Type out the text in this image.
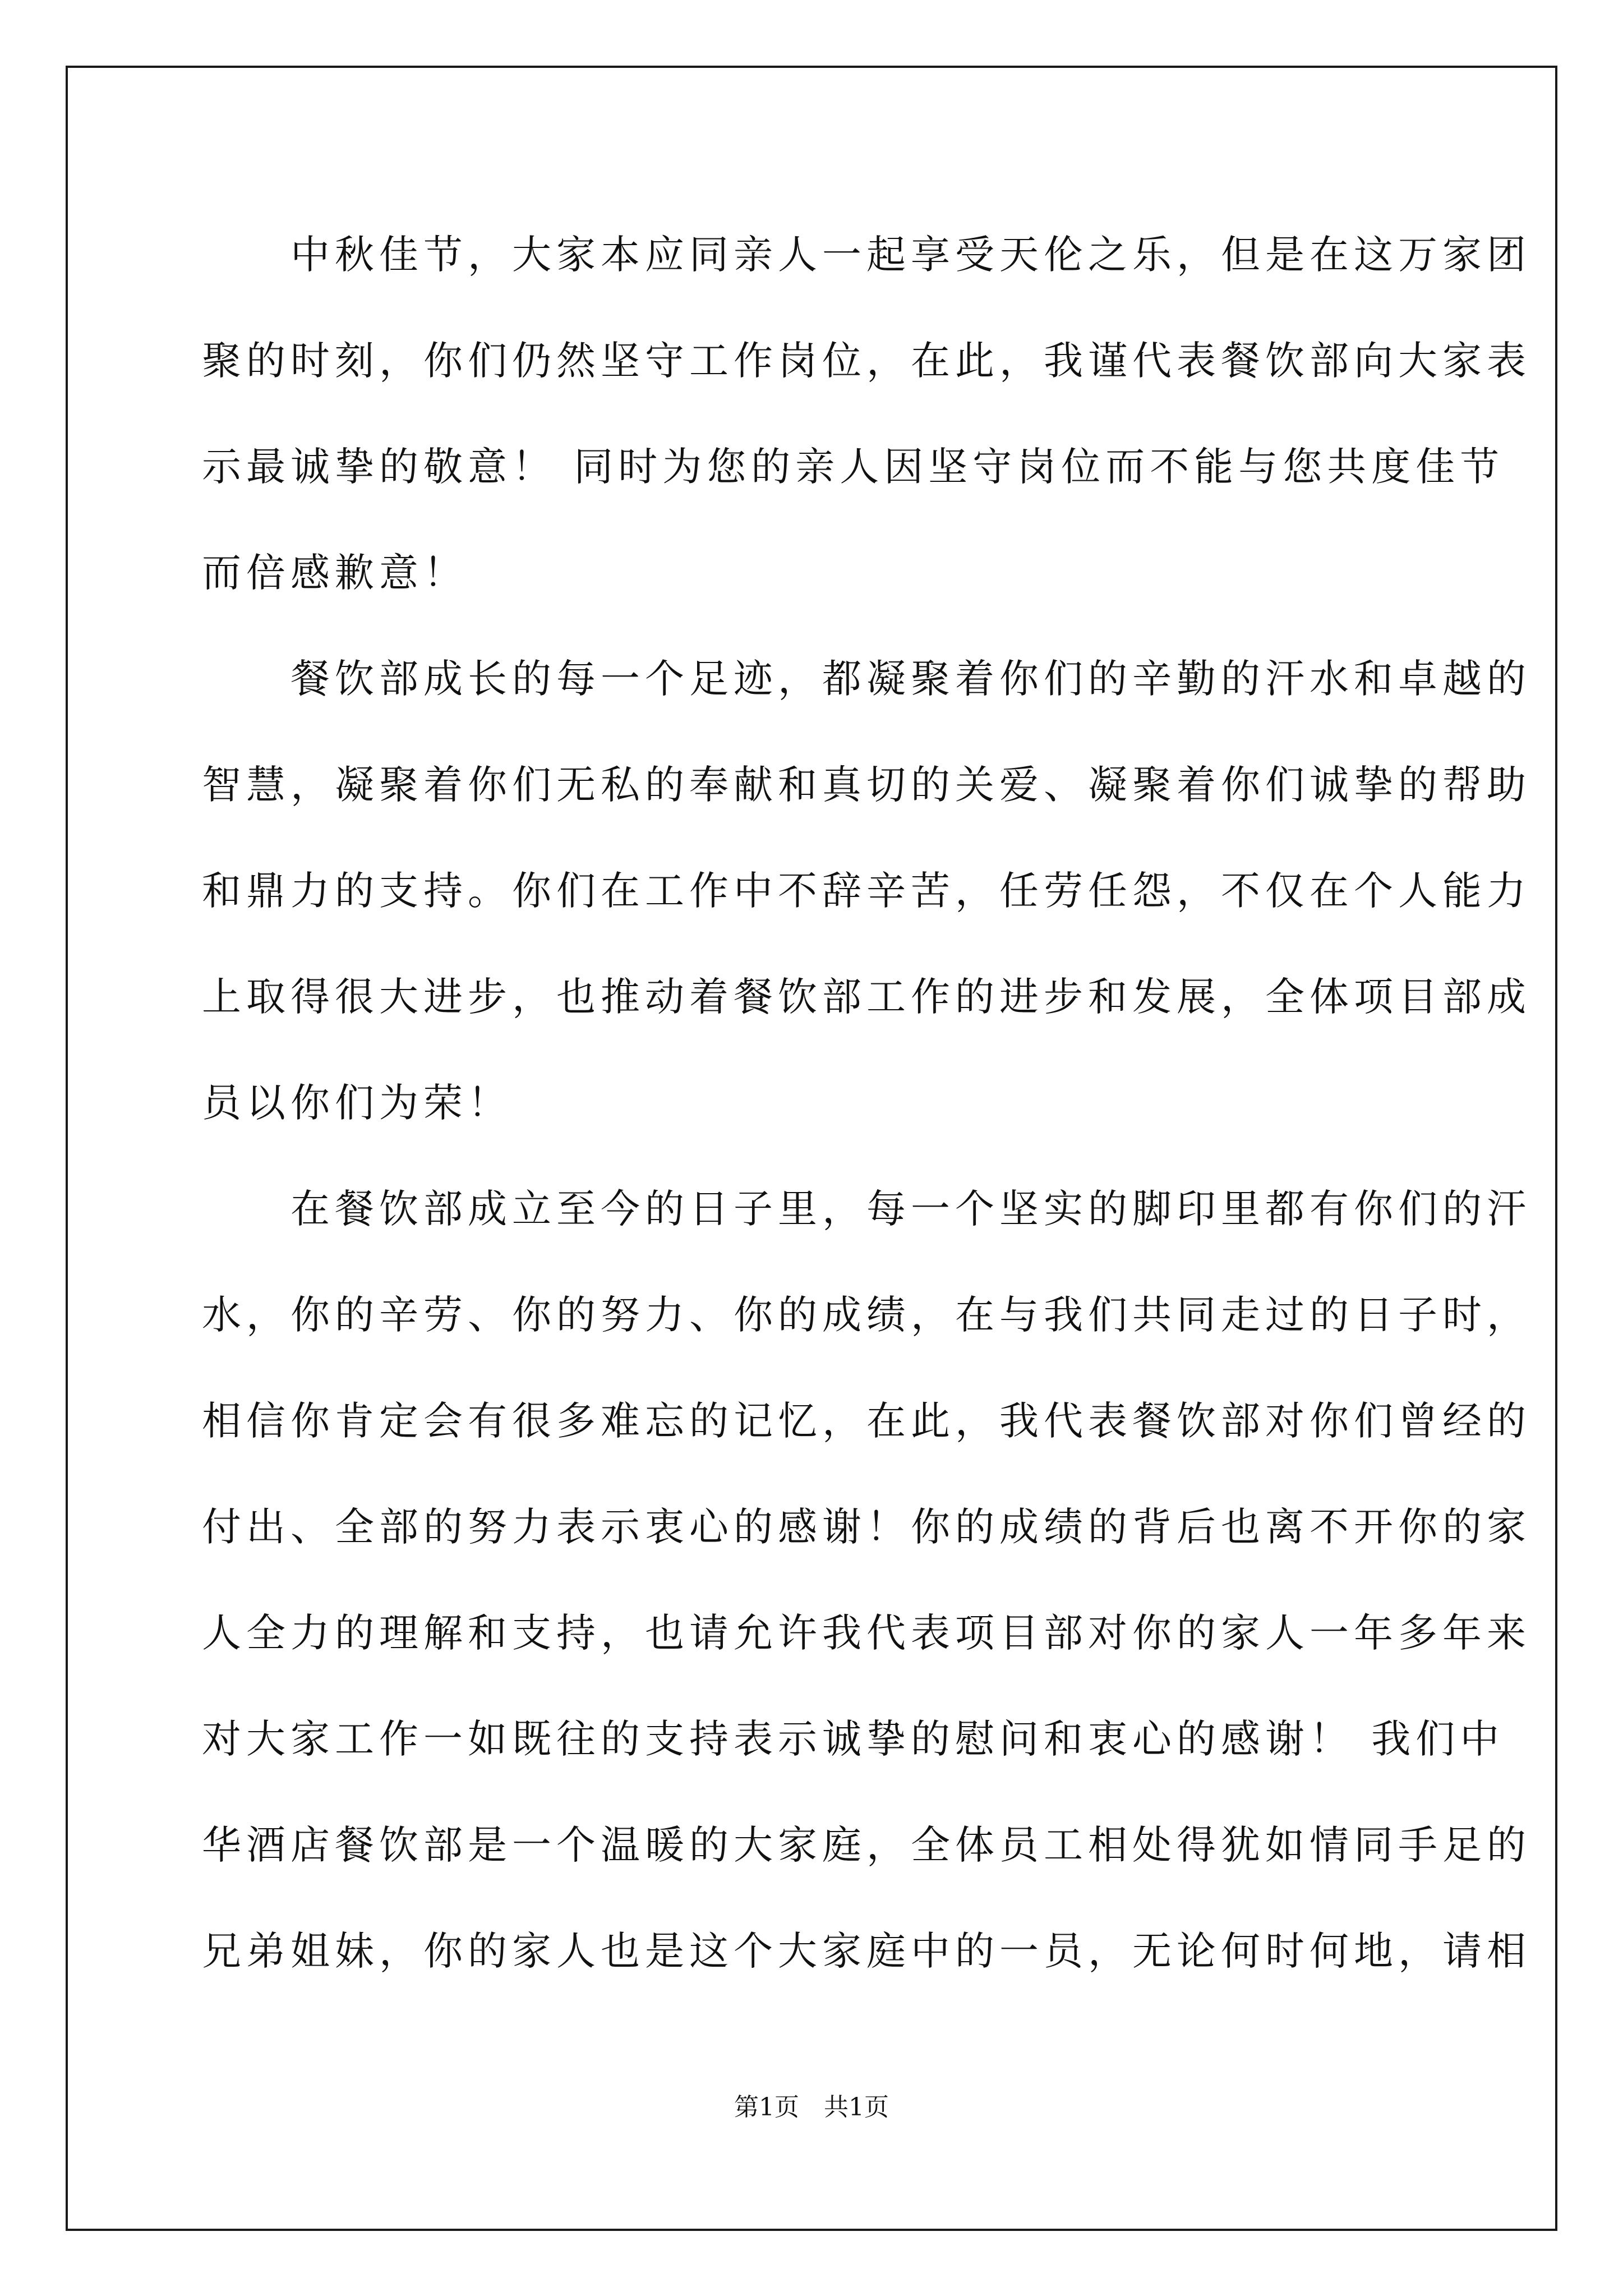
　　中秋佳节，大家本应同亲人一起享受天伦之乐，但是在这万家团
聚的时刻，你们仍然坚守工作岗位，在此，我谨代表餐饮部向大家表
示最诚挚的敬意！ 同时为您的亲人因坚守岗位而不能与您共度佳节
而倍感歉意！
　　餐饮部成长的每一个足迹，都凝聚着你们的辛勤的汗水和卓越的
智慧，凝聚着你们无私的奉献和真切的关爱、凝聚着你们诚挚的帮助
和鼎力的支持。你们在工作中不辞辛苦，任劳任怨，不仅在个人能力
上取得很大进步，也推动着餐饮部工作的进步和发展，全体项目部成
员以你们为荣！
　　在餐饮部成立至今的日子里，每一个坚实的脚印里都有你们的汗
水，你的辛劳、你的努力、你的成绩，在与我们共同走过的日子时，
相信你肯定会有很多难忘的记忆，在此，我代表餐饮部对你们曾经的
付出、全部的努力表示衷心的感谢！你的成绩的背后也离不开你的家
人全力的理解和支持，也请允许我代表项目部对你的家人一年多年来
对大家工作一如既往的支持表示诚挚的慰问和衷心的感谢！ 我们中
华酒店餐饮部是一个温暖的大家庭，全体员工相处得犹如情同手足的
兄弟姐妹，你的家人也是这个大家庭中的一员，无论何时何地，请相
第1页　共1页
